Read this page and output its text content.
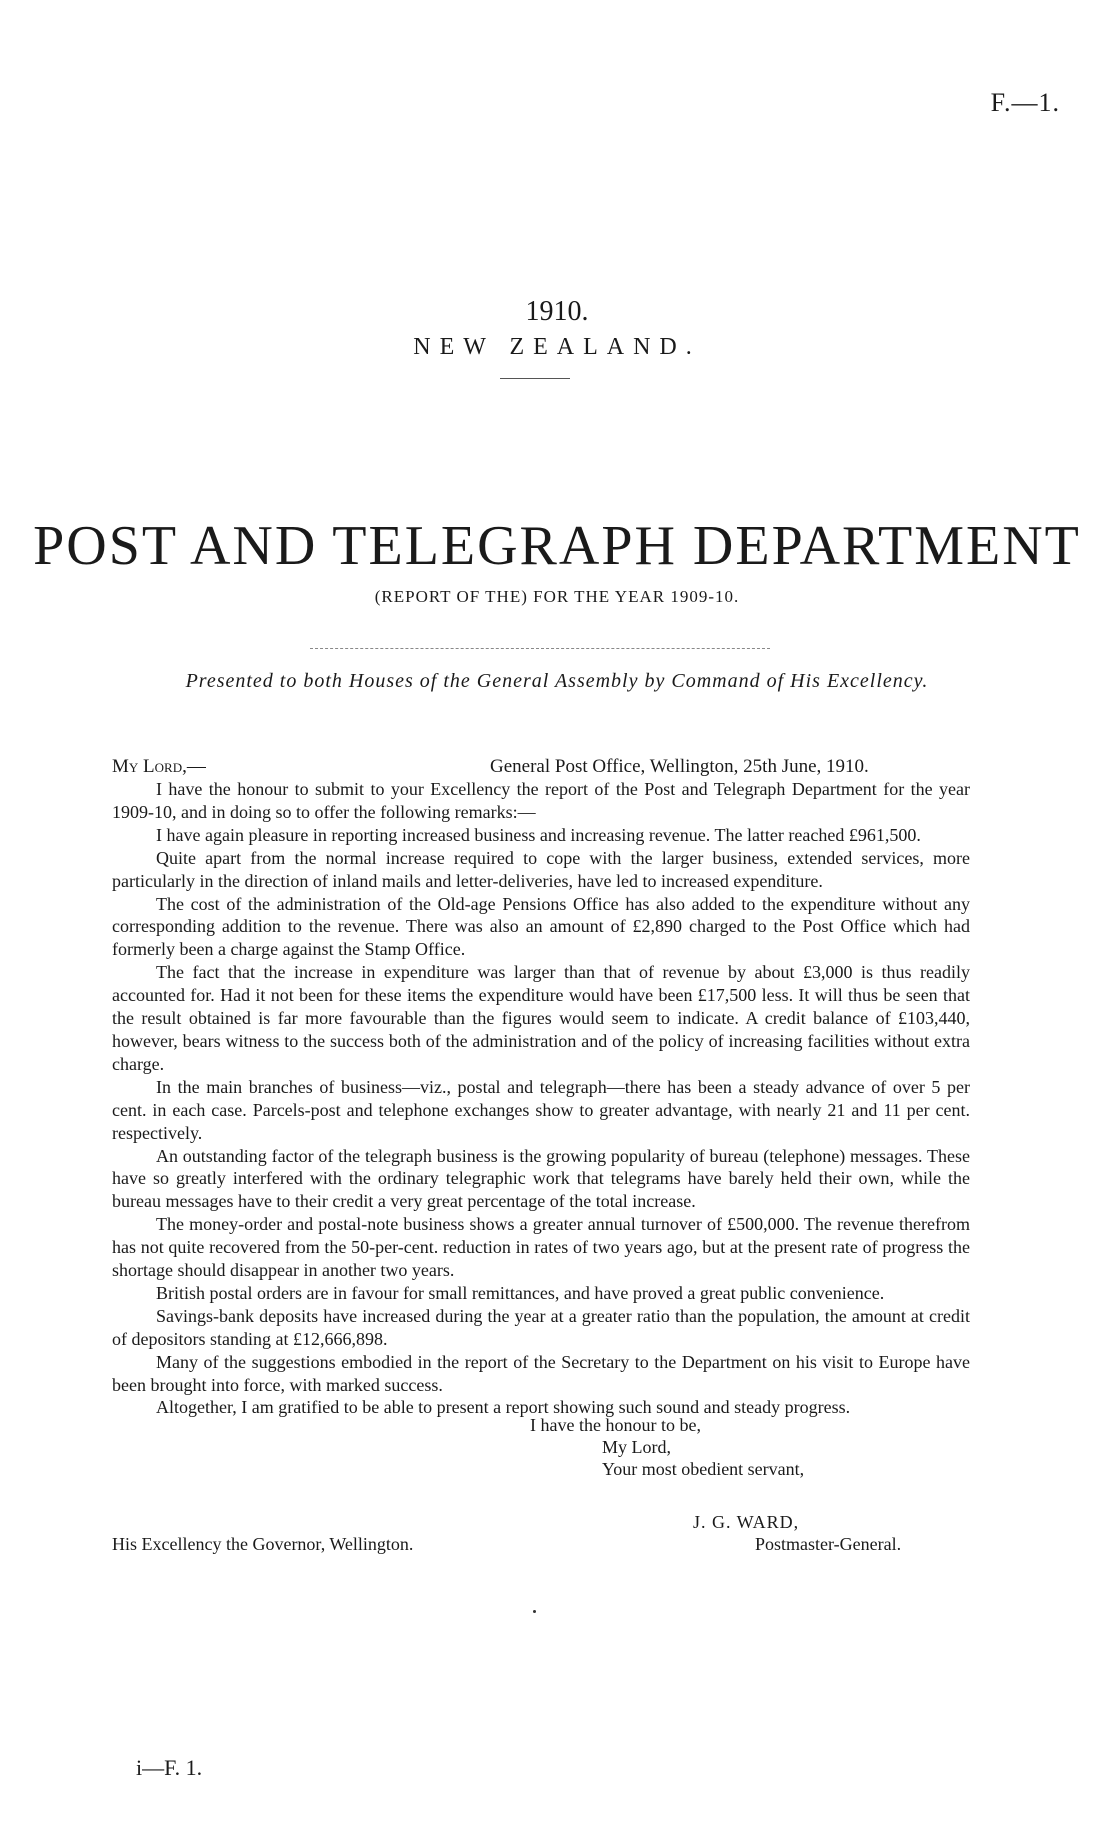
F.—1.
1910.
NEW ZEALAND.
POST AND TELEGRAPH DEPARTMENT
(REPORT OF THE) FOR THE YEAR 1909-10.
Presented to both Houses of the General Assembly by Command of His Excellency.
My Lord,—	General Post Office, Wellington, 25th June, 1910.

I have the honour to submit to your Excellency the report of the Post and Telegraph Department for the year 1909-10, and in doing so to offer the following remarks:—

I have again pleasure in reporting increased business and increasing revenue. The latter reached £961,500.

Quite apart from the normal increase required to cope with the larger business, extended services, more particularly in the direction of inland mails and letter-deliveries, have led to increased expenditure.

The cost of the administration of the Old-age Pensions Office has also added to the expenditure without any corresponding addition to the revenue. There was also an amount of £2,890 charged to the Post Office which had formerly been a charge against the Stamp Office.

The fact that the increase in expenditure was larger than that of revenue by about £3,000 is thus readily accounted for. Had it not been for these items the expenditure would have been £17,500 less. It will thus be seen that the result obtained is far more favourable than the figures would seem to indicate. A credit balance of £103,440, however, bears witness to the success both of the administration and of the policy of increasing facilities without extra charge.

In the main branches of business—viz., postal and telegraph—there has been a steady advance of over 5 per cent. in each case. Parcels-post and telephone exchanges show to greater advantage, with nearly 21 and 11 per cent. respectively.

An outstanding factor of the telegraph business is the growing popularity of bureau (telephone) messages. These have so greatly interfered with the ordinary telegraphic work that telegrams have barely held their own, while the bureau messages have to their credit a very great percentage of the total increase.

The money-order and postal-note business shows a greater annual turnover of £500,000. The revenue therefrom has not quite recovered from the 50-per-cent. reduction in rates of two years ago, but at the present rate of progress the shortage should disappear in another two years.

British postal orders are in favour for small remittances, and have proved a great public convenience.

Savings-bank deposits have increased during the year at a greater ratio than the population, the amount at credit of depositors standing at £12,666,898.

Many of the suggestions embodied in the report of the Secretary to the Department on his visit to Europe have been brought into force, with marked success.

Altogether, I am gratified to be able to present a report showing such sound and steady progress.

I have the honour to be,
My Lord,
Your most obedient servant,
J. G. WARD,
His Excellency the Governor, Wellington.	Postmaster-General.
i—F. 1.
